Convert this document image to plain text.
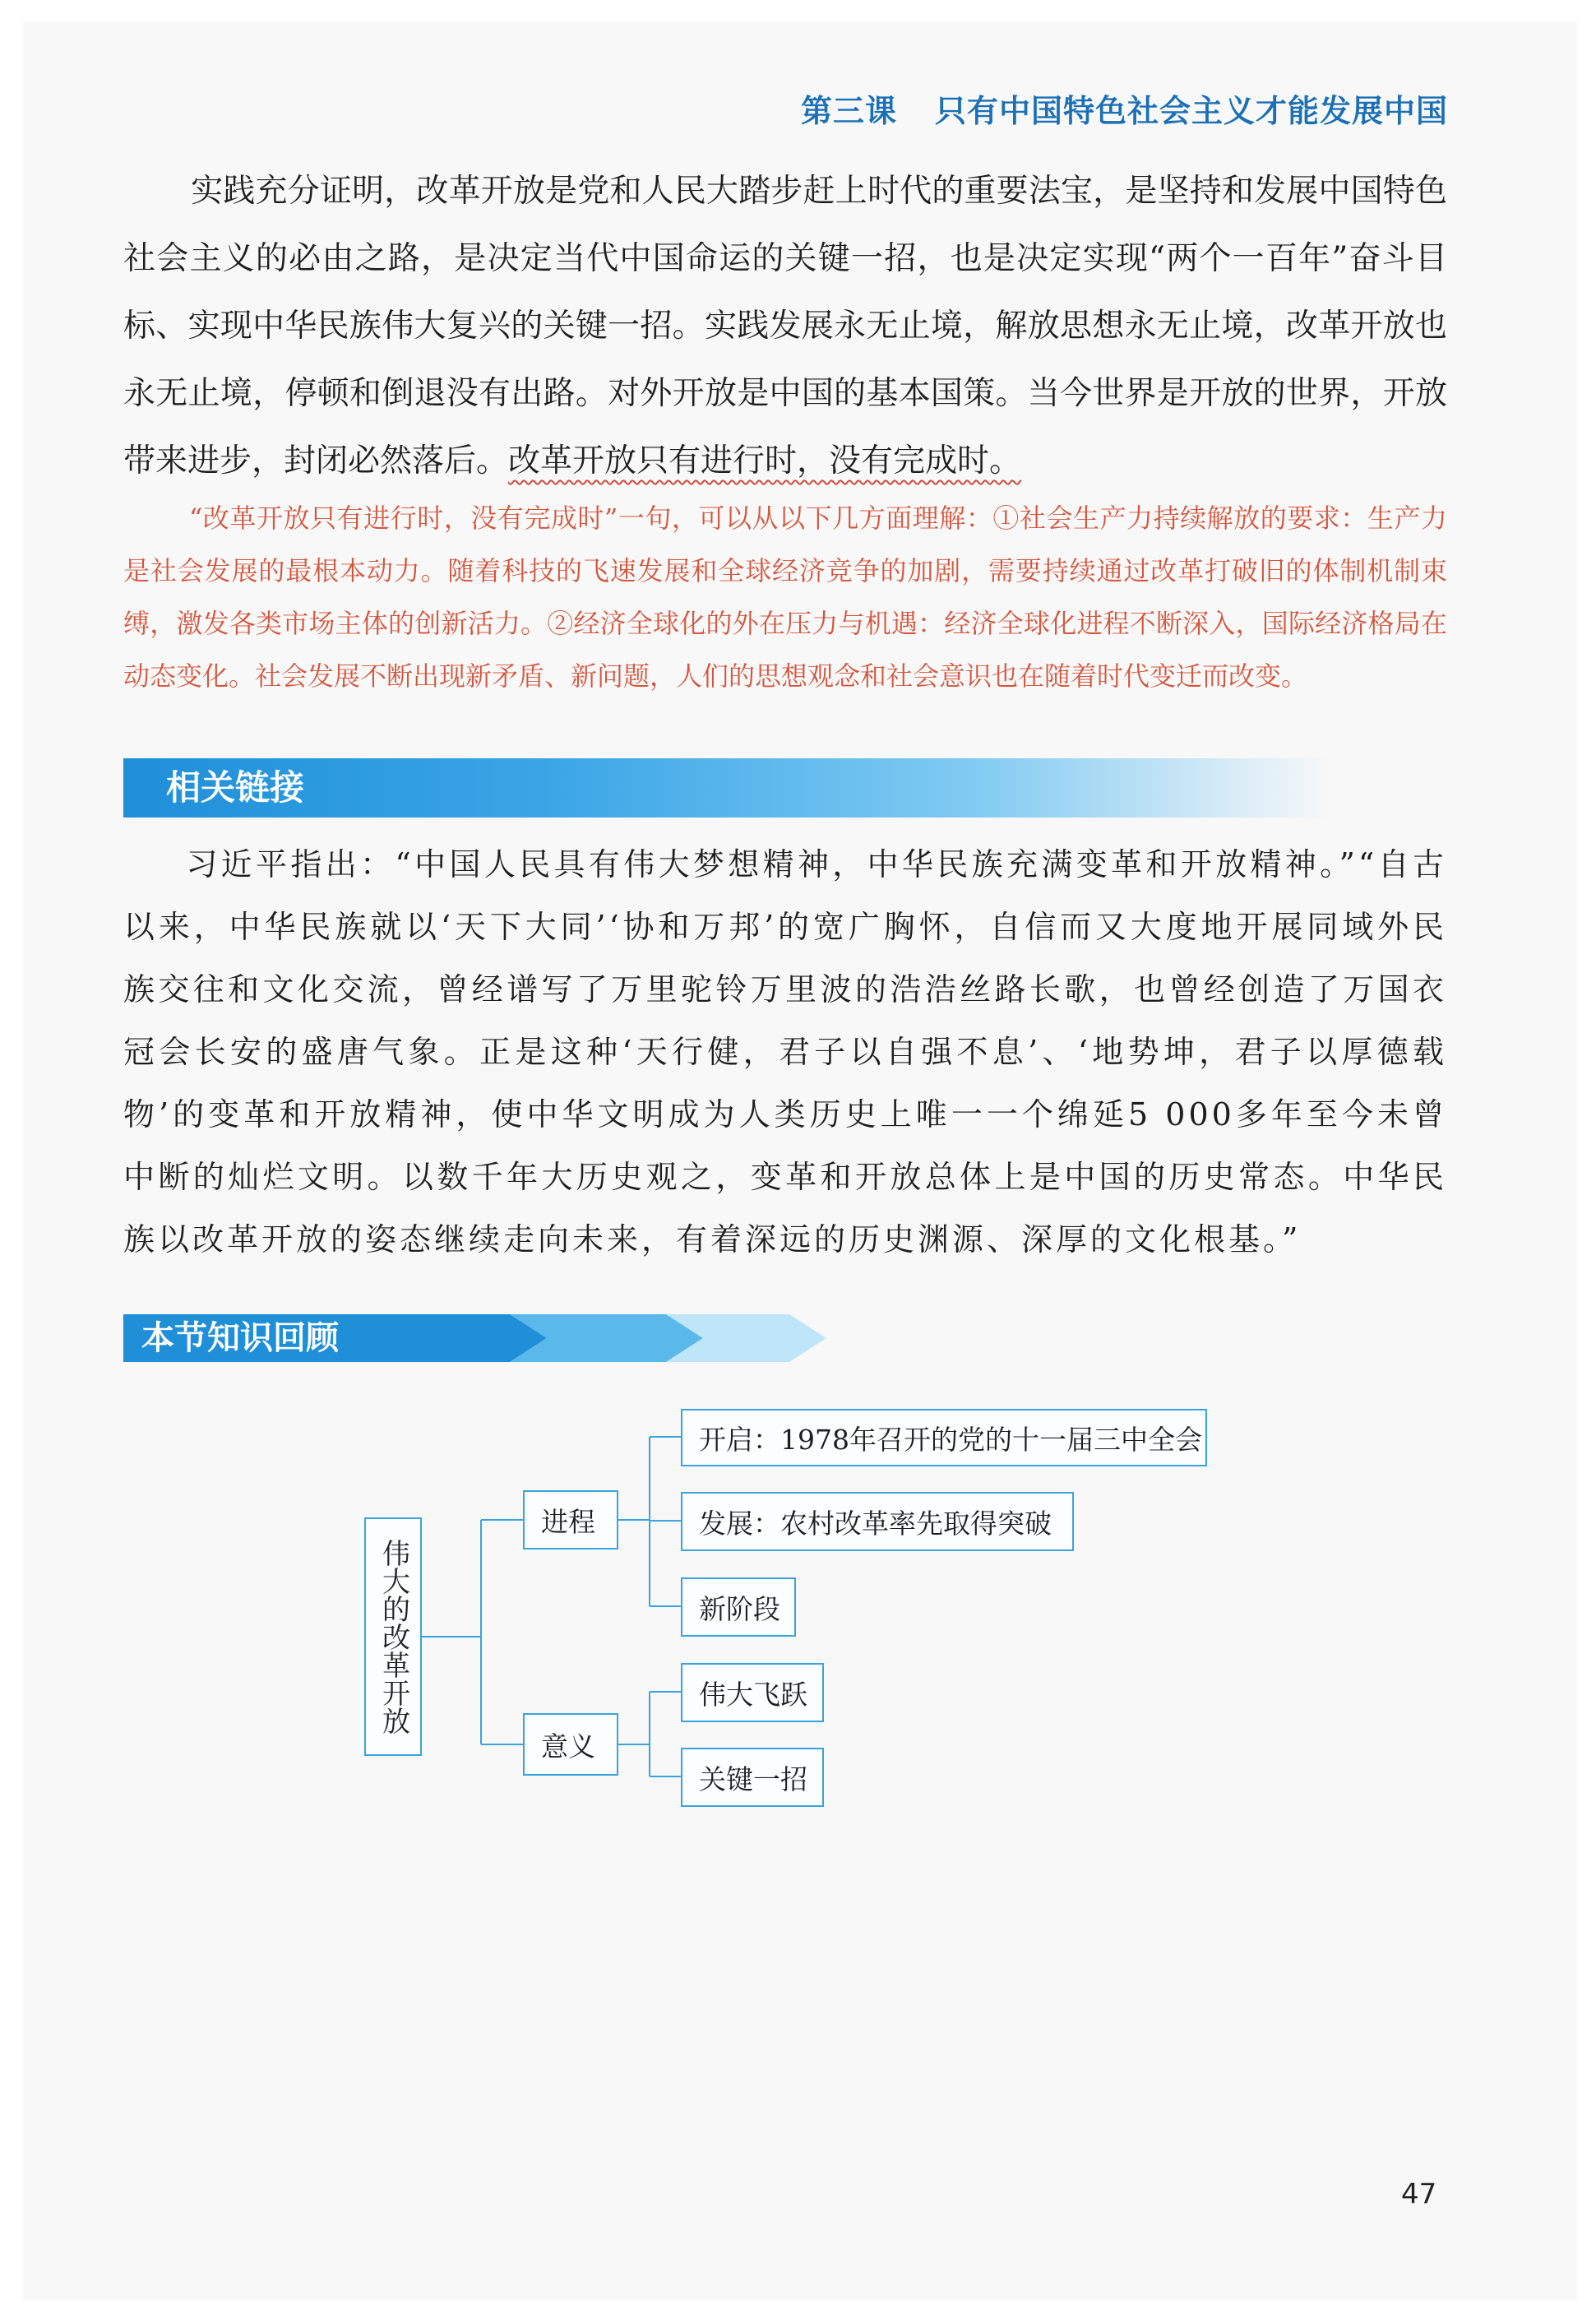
第三课 只有中国特色社会主义才能发展中国
实践充分证明，改革开放是党和人民大踏步赶上时代的重要法宝，是坚持和发展中国特色社会主义的必由之路，是决定当代中国命运的关键一招，也是决定实现“两个一百年”奋斗目标、实现中华民族伟大复兴的关键一招。实践发展永无止境，解放思想永无止境，改革开放也永无止境，停顿和倒退没有出路。对外开放是中国的基本国策。当今世界是开放的世界，开放带来进步，封闭必然落后。改革开放只有进行时，没有完成时。
“改革开放只有进行时，没有完成时”一句，可以从以下几方面理解：①社会生产力持续解放的要求：生产力是社会发展的最根本动力。随着科技的飞速发展和全球经济竞争的加剧，需要持续通过改革打破旧的体制机制束缚，激发各类市场主体的创新活力。②经济全球化的外在压力与机遇：经济全球化进程不断深入，国际经济格局在动态变化。社会发展不断出现新矛盾、新问题，人们的思想观念和社会意识也在随着时代变迁而改变。
相关链接
习近平指出：“中国人民具有伟大梦想精神，中华民族充满变革和开放精神。”“自古以来，中华民族就以‘天下大同’‘协和万邦’的宽广胸怀，自信而又大度地开展同域外民族交往和文化交流，曾经谱写了万里驼铃万里波的浩浩丝路长歌，也曾经创造了万国衣冠会长安的盛唐气象。正是这种‘天行健，君子以自强不息’、‘地势坤，君子以厚德载物’的变革和开放精神，使中华文明成为人类历史上唯一一个绵延5 000多年至今未曾中断的灿烂文明。以数千年大历史观之，变革和开放总体上是中国的历史常态。中华民族以改革开放的姿态继续走向未来，有着深远的历史渊源、深厚的文化根基。”
本节知识回顾
伟大的改革开放
进程
意义
开启：1978年召开的党的十一届三中全会
发展：农村改革率先取得突破
新阶段
伟大飞跃
关键一招
47
